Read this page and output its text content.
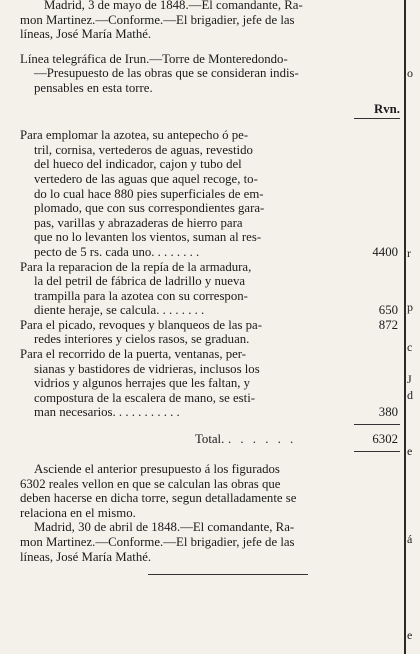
Madrid, 3 de mayo de 1848.—El comandante, Ra-

mon Martinez.—Conforme.—El brigadier, jefe de las

líneas, José María Mathé.

Línea telegráfica de Irun.—Torre de Monteredondo-

—Presupuesto de las obras que se consideran indis-

pensables en esta torre.

Rvn.

Para emplomar la azotea, su antepecho ó pe-
tril, cornisa, vertederos de aguas, revestido
del hueco del indicador, cajon y tubo del
vertedero de las aguas que aquel recoge, to-
do lo cual hace 880 pies superficiales de em-
plomado, que con sus correspondientes gara-
pas, varillas y abrazaderas de hierro para
que no lo levanten los vientos, suman al res-
pecto de 5 rs. cada uno. . . . . . . .	4400
Para la reparacion de la repía de la armadura,
la del petril de fábrica de ladrillo y nueva
trampilla para la azotea con su correspon-
diente heraje, se calcula. . . . . . . .	650
Para el picado, revoques y blanqueos de las pa-
redes interiores y cielos rasos, se graduan.
872
Para el recorrido de la puerta, ventanas, per-
sianas y bastidores de vidrieras, inclusos los
vidrios y algunos herrajes que les faltan, y
compostura de la escalera de mano, se esti-
man necesarios. . . . . . . . . . .	380
Total. . . . . . .	6302

Asciende el anterior presupuesto á los figurados

6302 reales vellon en que se calculan las obras que

deben hacerse en dicha torre, segun detalladamente se

relaciona en el mismo.

Madrid, 30 de abril de 1848.—El comandante, Ra-

mon Martinez.—Conforme.—El brigadier, jefe de las

líneas, José María Mathé.

o
r
p
c
J
d
e
á
e
